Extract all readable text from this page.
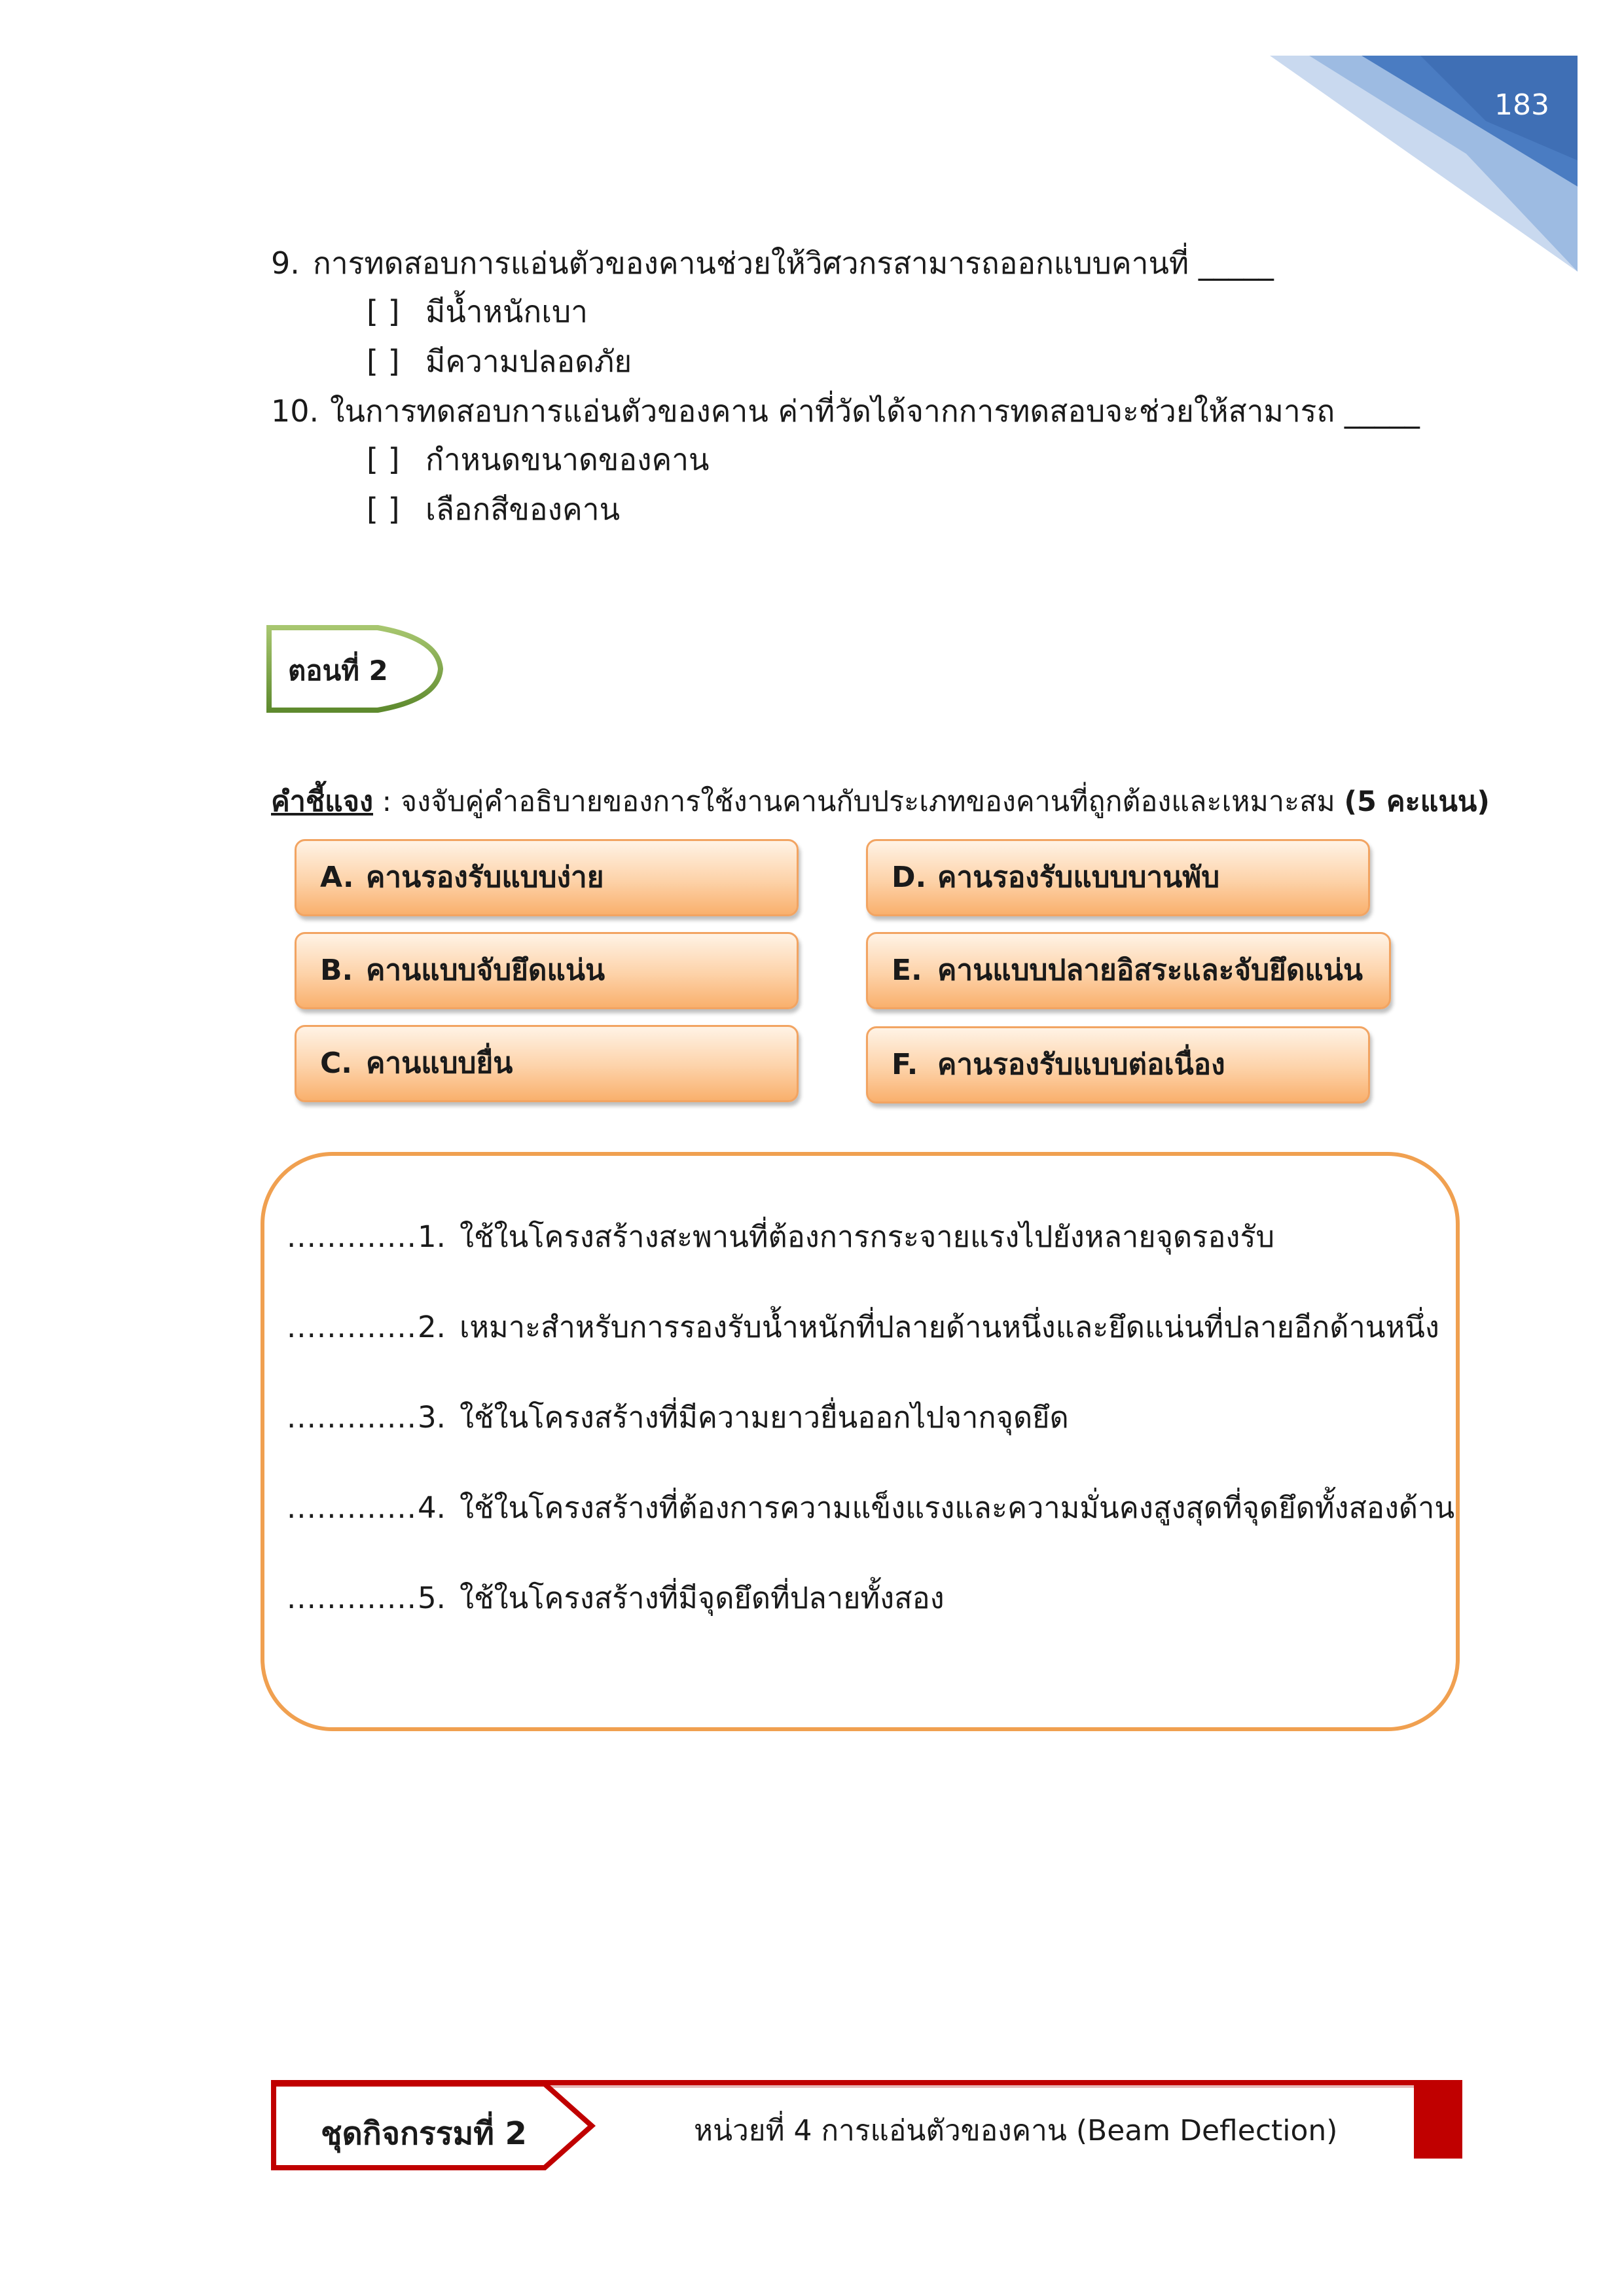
183
9. การทดสอบการแอ่นตัวของคานช่วยให้วิศวกรสามารถออกแบบคานที่ _____
[ ] มีน้ำหนักเบา
[ ] มีความปลอดภัย
10. ในการทดสอบการแอ่นตัวของคาน ค่าที่วัดได้จากการทดสอบจะช่วยให้สามารถ _____
[ ] กำหนดขนาดของคาน
[ ] เลือกสีของคาน
ตอนที่ 2
คำชี้แจง : จงจับคู่คำอธิบายของการใช้งานคานกับประเภทของคานที่ถูกต้องและเหมาะสม (5 คะแนน)
A. คานรองรับแบบง่าย
B. คานแบบจับยึดแน่น
C. คานแบบยื่น
D. คานรองรับแบบบานพับ
E. คานแบบปลายอิสระและจับยึดแน่น
F. คานรองรับแบบต่อเนื่อง
.............1. ใช้ในโครงสร้างสะพานที่ต้องการกระจายแรงไปยังหลายจุดรองรับ
.............2. เหมาะสำหรับการรองรับน้ำหนักที่ปลายด้านหนึ่งและยึดแน่นที่ปลายอีกด้านหนึ่ง
.............3. ใช้ในโครงสร้างที่มีความยาวยื่นออกไปจากจุดยึด
.............4. ใช้ในโครงสร้างที่ต้องการความแข็งแรงและความมั่นคงสูงสุดที่จุดยึดทั้งสองด้าน
.............5. ใช้ในโครงสร้างที่มีจุดยึดที่ปลายทั้งสอง
ชุดกิจกรรมที่ 2	หน่วยที่ 4 การแอ่นตัวของคาน (Beam Deflection)
